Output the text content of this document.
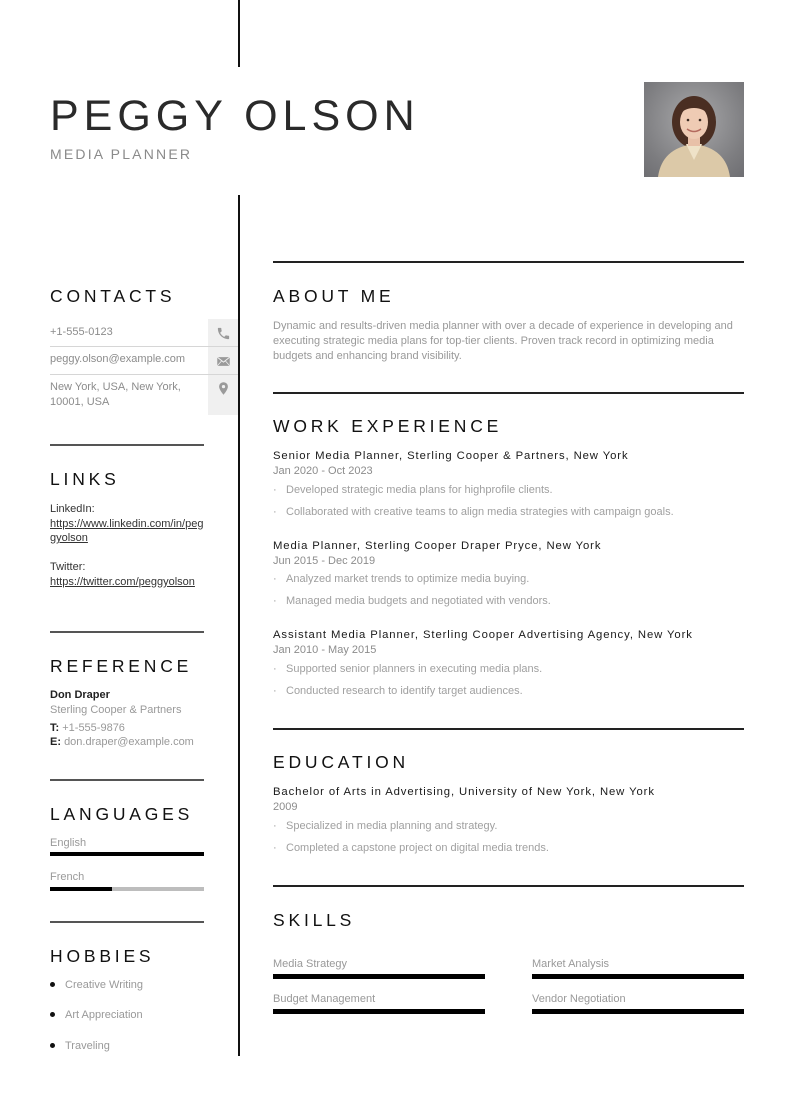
PEGGY OLSON
MEDIA PLANNER
CONTACTS
+1-555-0123
peggy.olson@example.com
New York, USA, New York, 10001, USA
LINKS
LinkedIn:
https://www.linkedin.com/in/peggyolson
Twitter:
https://twitter.com/peggyolson
REFERENCE
Don Draper
Sterling Cooper & Partners
T: +1-555-9876
E: don.draper@example.com
LANGUAGES
English
French
HOBBIES
Creative Writing
Art Appreciation
Traveling
ABOUT ME
Dynamic and results-driven media planner with over a decade of experience in developing and executing strategic media plans for top-tier clients. Proven track record in optimizing media budgets and enhancing brand visibility.
WORK EXPERIENCE
Senior Media Planner, Sterling Cooper & Partners, New York
Jan 2020 - Oct 2023
· Developed strategic media plans for highprofile clients.
· Collaborated with creative teams to align media strategies with campaign goals.
Media Planner, Sterling Cooper Draper Pryce, New York
Jun 2015 - Dec 2019
· Analyzed market trends to optimize media buying.
· Managed media budgets and negotiated with vendors.
Assistant Media Planner, Sterling Cooper Advertising Agency, New York
Jan 2010 - May 2015
· Supported senior planners in executing media plans.
· Conducted research to identify target audiences.
EDUCATION
Bachelor of Arts in Advertising, University of New York, New York
2009
· Specialized in media planning and strategy.
· Completed a capstone project on digital media trends.
SKILLS
Media Strategy	Market Analysis
Budget Management	Vendor Negotiation
